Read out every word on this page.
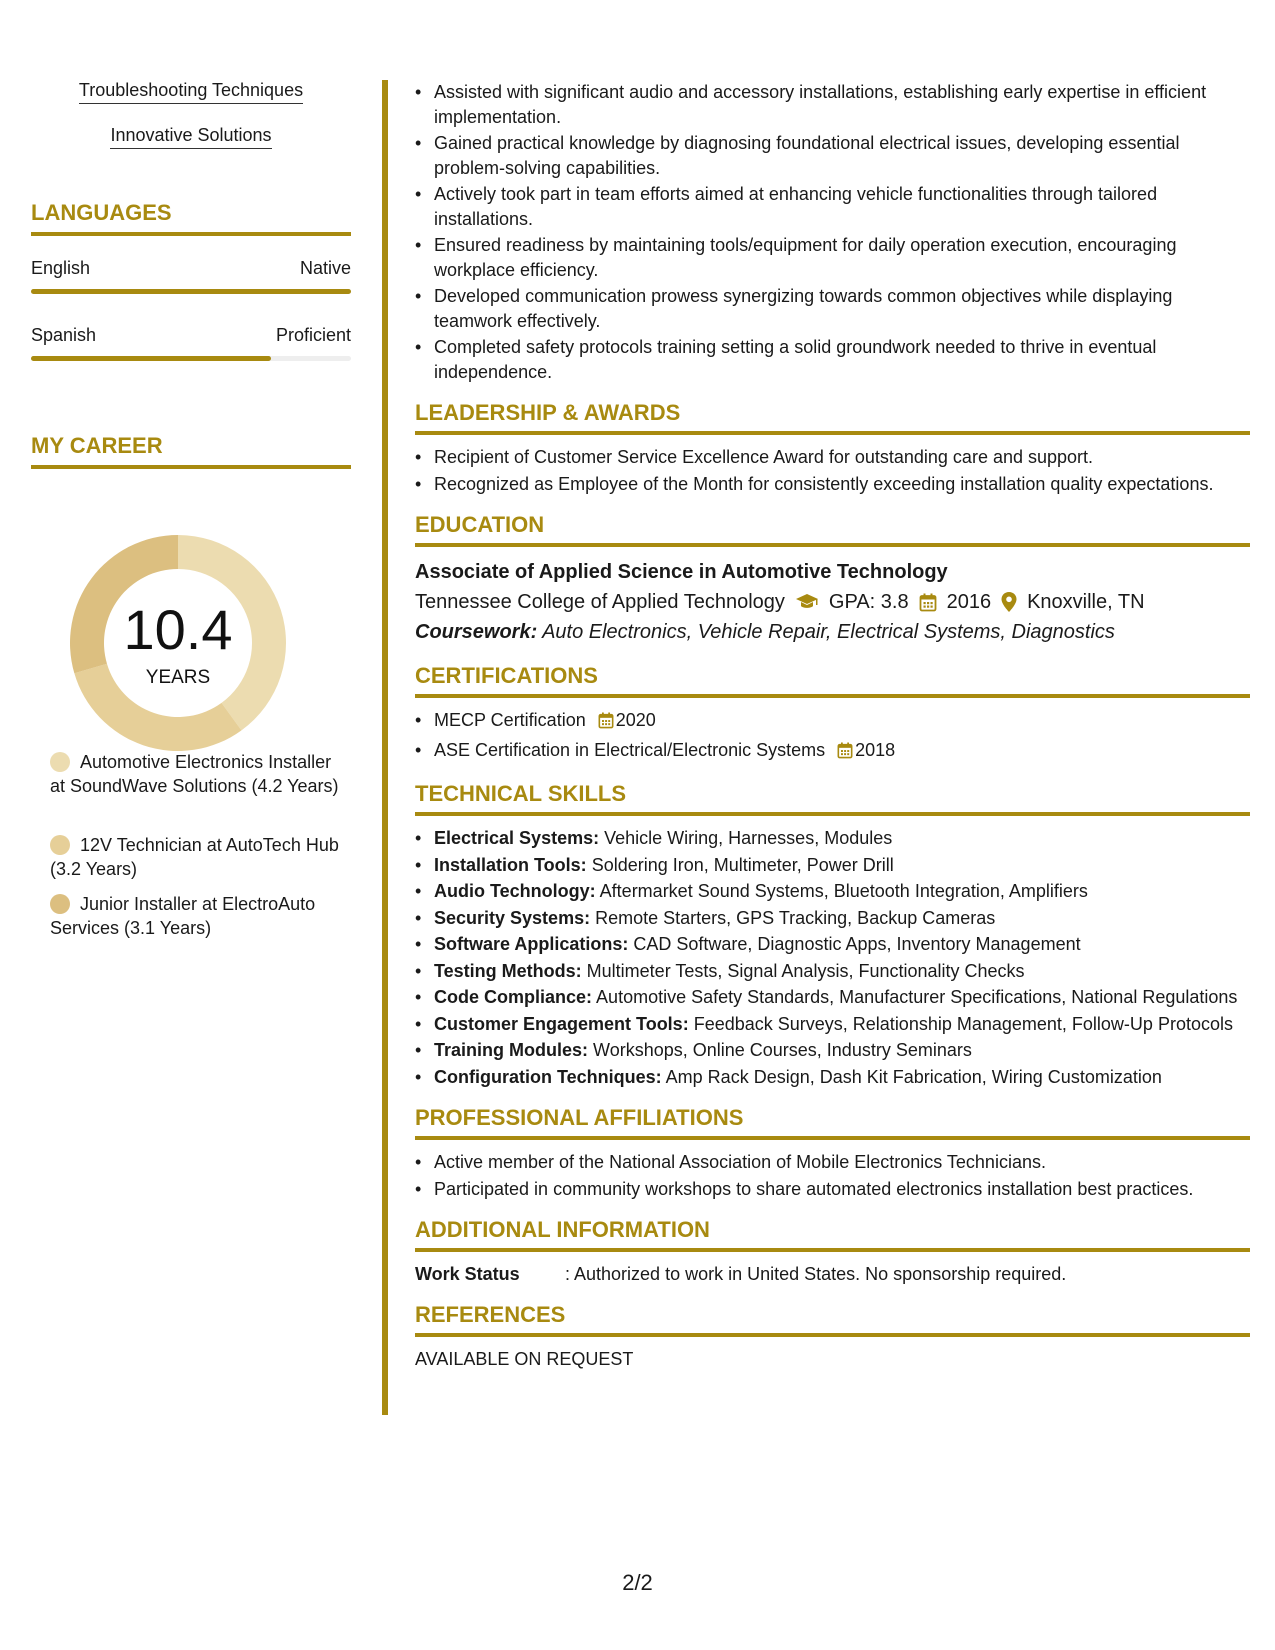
Troubleshooting Techniques
Innovative Solutions
LANGUAGES
English	Native
Spanish	Proficient
MY CAREER
10.4
YEARS
Automotive Electronics Installer at SoundWave Solutions (4.2 Years)
12V Technician at AutoTech Hub (3.2 Years)
Junior Installer at ElectroAuto Services (3.1 Years)
• Assisted with significant audio and accessory installations, establishing early expertise in efficient implementation.
• Gained practical knowledge by diagnosing foundational electrical issues, developing essential problem-solving capabilities.
• Actively took part in team efforts aimed at enhancing vehicle functionalities through tailored installations.
• Ensured readiness by maintaining tools/equipment for daily operation execution, encouraging workplace efficiency.
• Developed communication prowess synergizing towards common objectives while displaying teamwork effectively.
• Completed safety protocols training setting a solid groundwork needed to thrive in eventual independence.
LEADERSHIP & AWARDS
• Recipient of Customer Service Excellence Award for outstanding care and support.
• Recognized as Employee of the Month for consistently exceeding installation quality expectations.
EDUCATION
Associate of Applied Science in Automotive Technology
Tennessee College of Applied Technology GPA: 3.8 2016 Knoxville, TN
Coursework: Auto Electronics, Vehicle Repair, Electrical Systems, Diagnostics
CERTIFICATIONS
• MECP Certification 2020
• ASE Certification in Electrical/Electronic Systems 2018
TECHNICAL SKILLS
• Electrical Systems: Vehicle Wiring, Harnesses, Modules
• Installation Tools: Soldering Iron, Multimeter, Power Drill
• Audio Technology: Aftermarket Sound Systems, Bluetooth Integration, Amplifiers
• Security Systems: Remote Starters, GPS Tracking, Backup Cameras
• Software Applications: CAD Software, Diagnostic Apps, Inventory Management
• Testing Methods: Multimeter Tests, Signal Analysis, Functionality Checks
• Code Compliance: Automotive Safety Standards, Manufacturer Specifications, National Regulations
• Customer Engagement Tools: Feedback Surveys, Relationship Management, Follow-Up Protocols
• Training Modules: Workshops, Online Courses, Industry Seminars
• Configuration Techniques: Amp Rack Design, Dash Kit Fabrication, Wiring Customization
PROFESSIONAL AFFILIATIONS
• Active member of the National Association of Mobile Electronics Technicians.
• Participated in community workshops to share automated electronics installation best practices.
ADDITIONAL INFORMATION
Work Status	: Authorized to work in United States. No sponsorship required.
REFERENCES
AVAILABLE ON REQUEST
2/2
